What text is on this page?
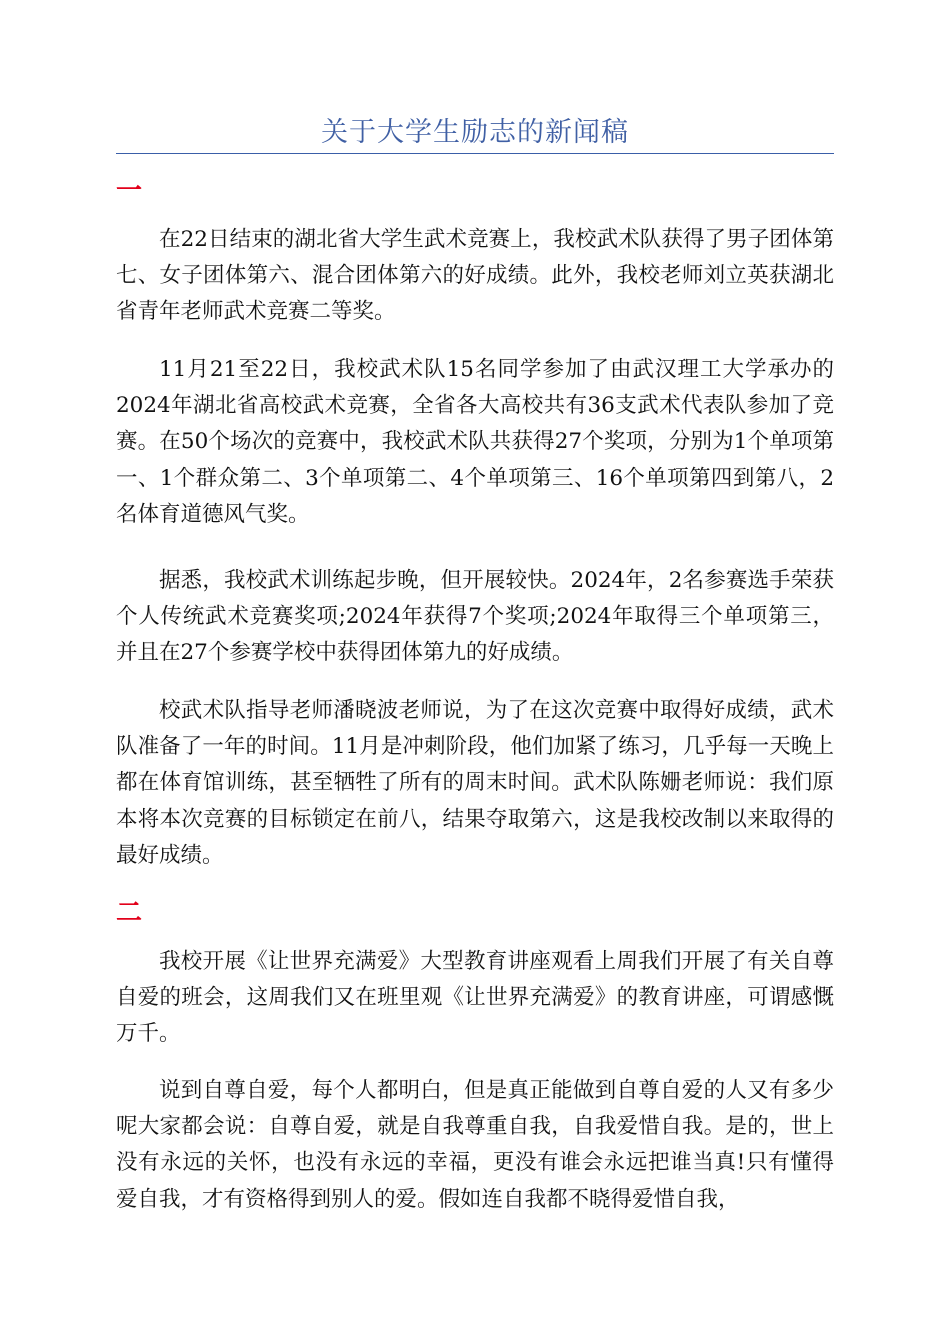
关于大学生励志的新闻稿
一

在22日结束的湖北省大学生武术竞赛上，我校武术队获得了男子团体第七、女子团体第六、混合团体第六的好成绩。此外，我校老师刘立英获湖北省青年老师武术竞赛二等奖。

11月21至22日，我校武术队15名同学参加了由武汉理工大学承办的2024年湖北省高校武术竞赛，全省各大高校共有36支武术代表队参加了竞赛。在50个场次的竞赛中，我校武术队共获得27个奖项，分别为1个单项第一、1个群众第二、3个单项第二、4个单项第三、16个单项第四到第八，2名体育道德风气奖。

据悉，我校武术训练起步晚，但开展较快。2024年，2名参赛选手荣获个人传统武术竞赛奖项;2024年获得7个奖项;2024年取得三个单项第三，并且在27个参赛学校中获得团体第九的好成绩。

校武术队指导老师潘晓波老师说，为了在这次竞赛中取得好成绩，武术队准备了一年的时间。11月是冲刺阶段，他们加紧了练习，几乎每一天晚上都在体育馆训练，甚至牺牲了所有的周末时间。武术队陈姗老师说：我们原本将本次竞赛的目标锁定在前八，结果夺取第六，这是我校改制以来取得的最好成绩。

二

我校开展《让世界充满爱》大型教育讲座观看上周我们开展了有关自尊自爱的班会，这周我们又在班里观《让世界充满爱》的教育讲座，可谓感慨万千。

说到自尊自爱，每个人都明白，但是真正能做到自尊自爱的人又有多少呢大家都会说：自尊自爱，就是自我尊重自我，自我爱惜自我。是的，世上没有永远的关怀，也没有永远的幸福，更没有谁会永远把谁当真!只有懂得爱自我，才有资格得到别人的爱。假如连自我都不晓得爱惜自我，
